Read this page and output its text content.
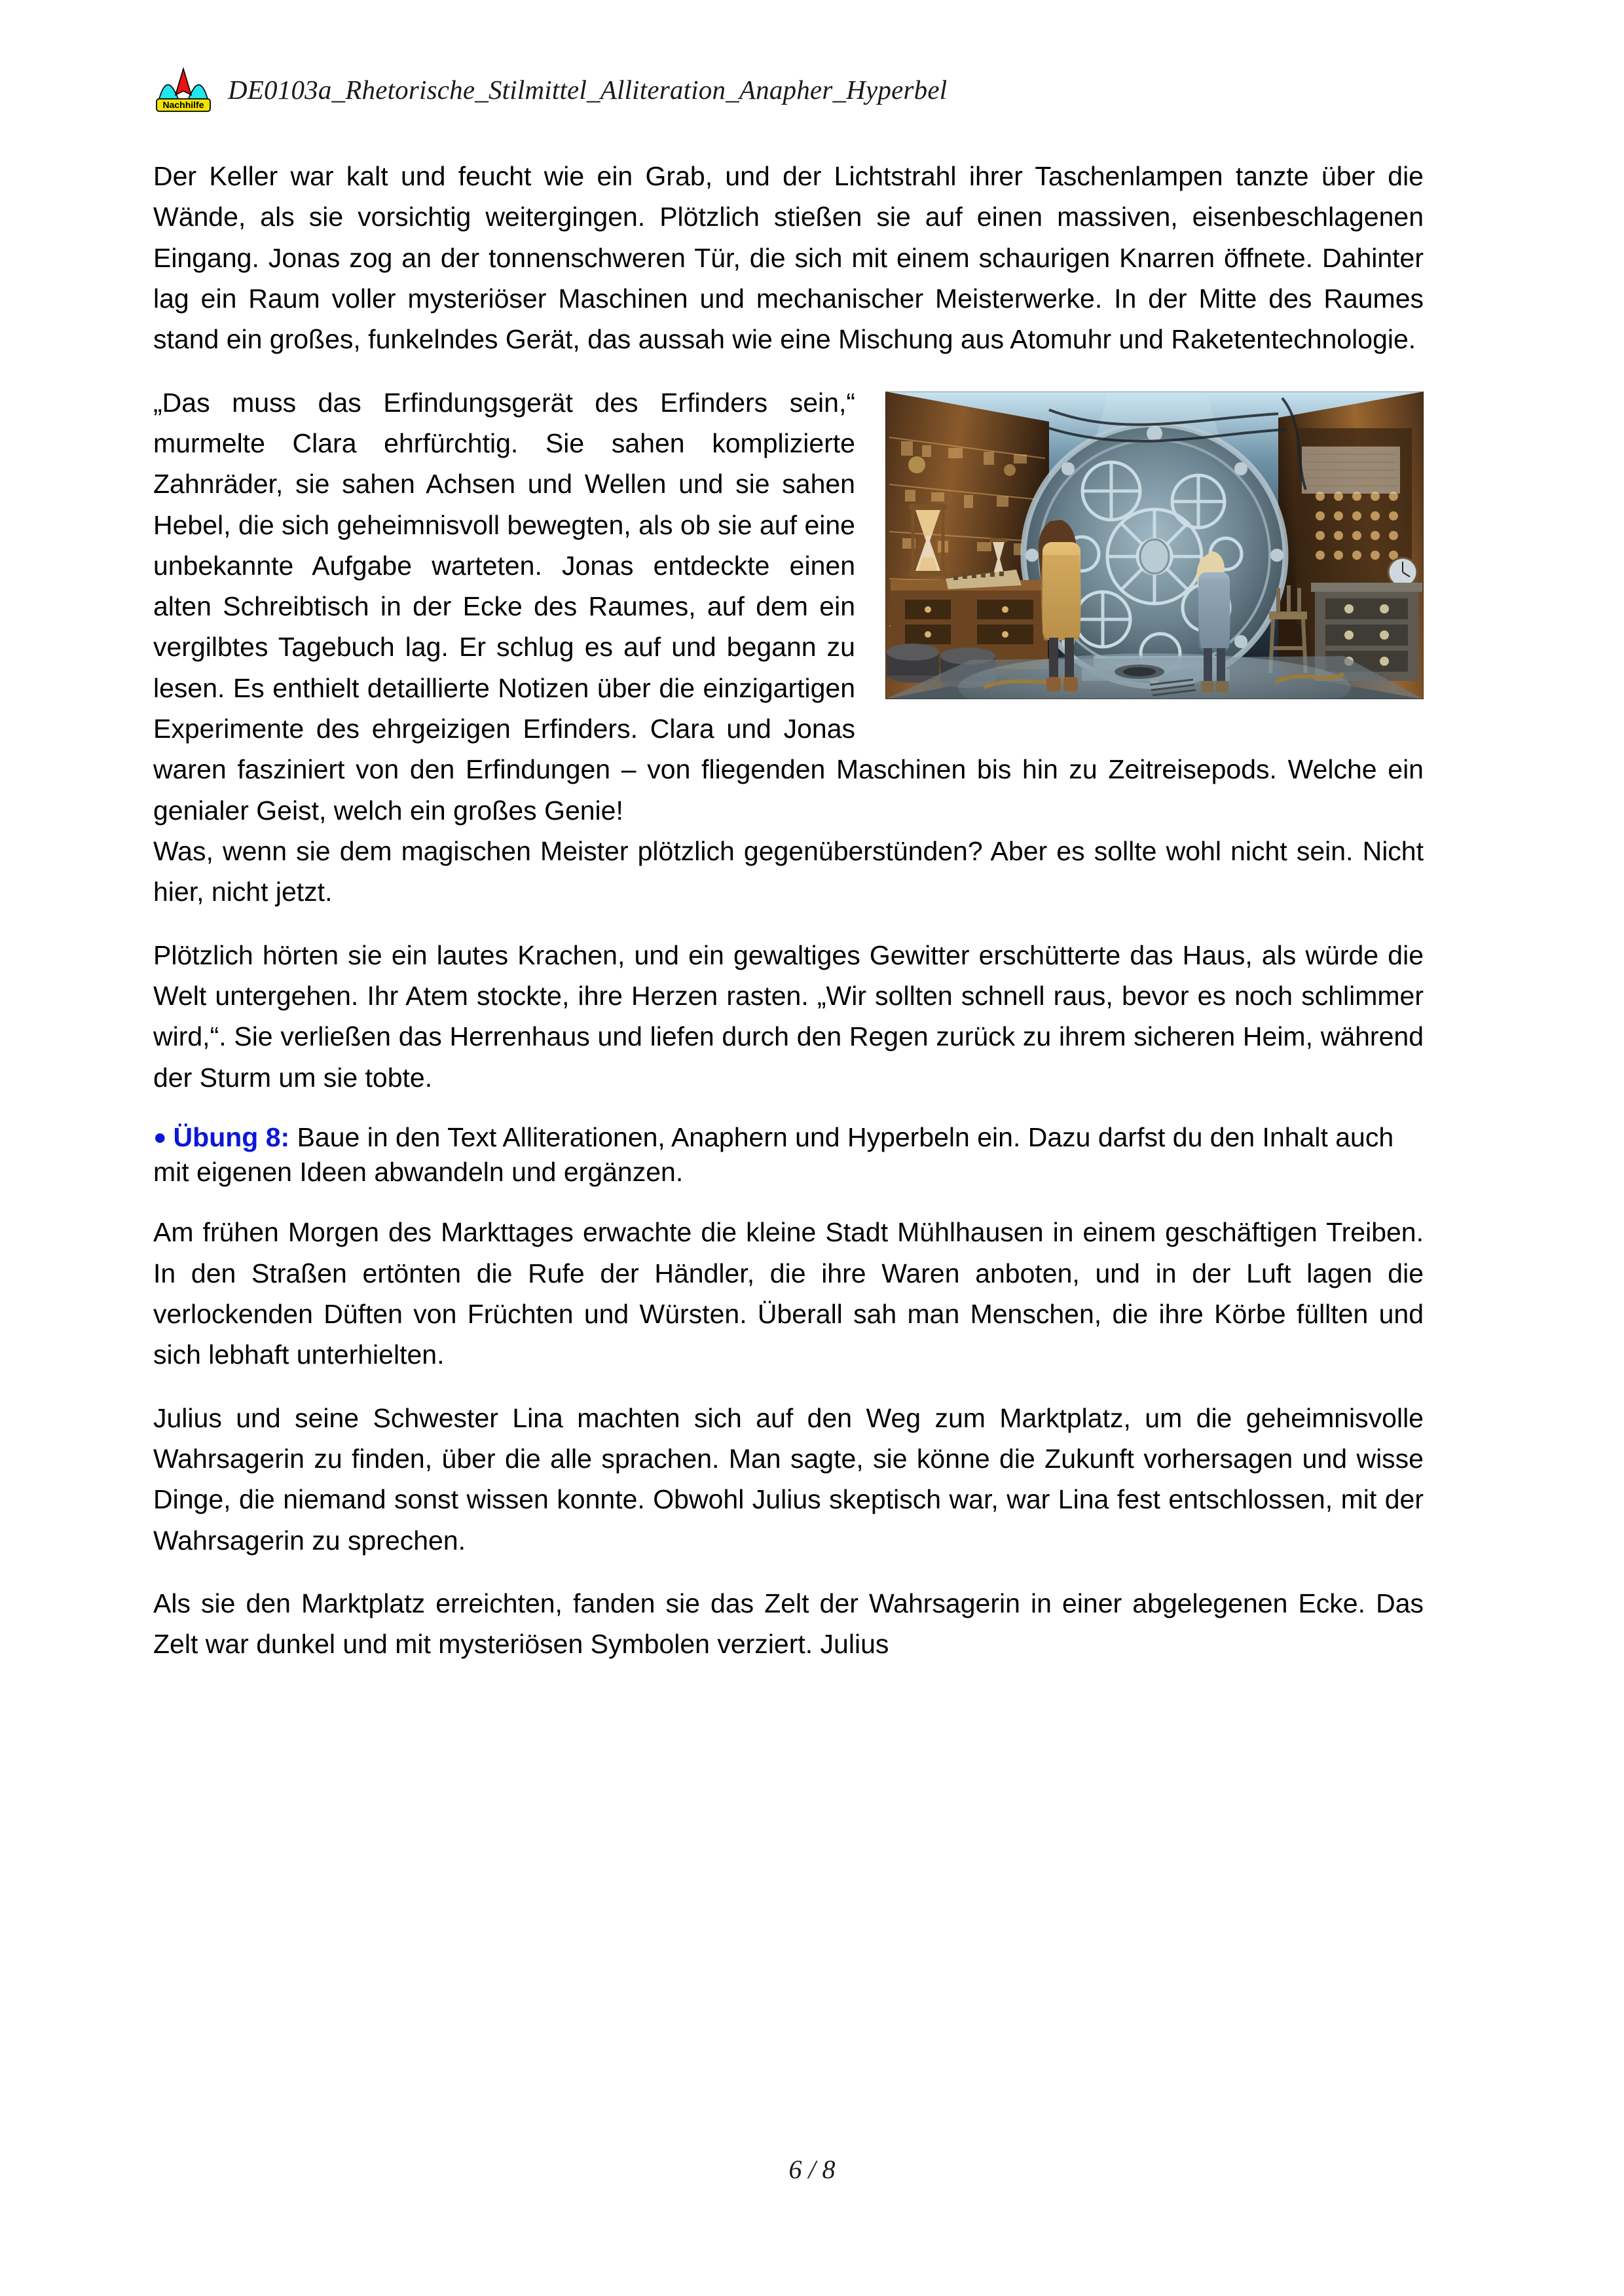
Nachhilfe DE0103a_Rhetorische_Stilmittel_Alliteration_Anapher_Hyperbel

Der Keller war kalt und feucht wie ein Grab, und der Lichtstrahl ihrer Taschenlampen tanzte über die Wände, als sie vorsichtig weitergingen. Plötzlich stießen sie auf einen massiven, eisenbeschlagenen Eingang. Jonas zog an der tonnenschweren Tür, die sich mit einem schaurigen Knarren öffnete. Dahinter lag ein Raum voller mysteriöser Maschinen und mechanischer Meisterwerke. In der Mitte des Raumes stand ein großes, funkelndes Gerät, das aussah wie eine Mischung aus Atomuhr und Raketentechnologie.

„Das muss das Erfindungsgerät des Erfinders sein,“ murmelte Clara ehrfürchtig. Sie sahen komplizierte Zahnräder, sie sahen Achsen und Wellen und sie sahen Hebel, die sich geheimnisvoll bewegten, als ob sie auf eine unbekannte Aufgabe warteten. Jonas entdeckte einen alten Schreibtisch in der Ecke des Raumes, auf dem ein vergilbtes Tagebuch lag. Er schlug es auf und begann zu lesen. Es enthielt detaillierte Notizen über die einzigartigen Experimente des ehrgeizigen Erfinders. Clara und Jonas waren fasziniert von den Erfindungen – von fliegenden Maschinen bis hin zu Zeitreisepods. Welche ein genialer Geist, welch ein großes Genie!

Was, wenn sie dem magischen Meister plötzlich gegenüberstünden? Aber es sollte wohl nicht sein. Nicht hier, nicht jetzt.

Plötzlich hörten sie ein lautes Krachen, und ein gewaltiges Gewitter erschütterte das Haus, als würde die Welt untergehen. Ihr Atem stockte, ihre Herzen rasten. „Wir sollten schnell raus, bevor es noch schlimmer wird,“. Sie verließen das Herrenhaus und liefen durch den Regen zurück zu ihrem sicheren Heim, während der Sturm um sie tobte.

● Übung 8: Baue in den Text Alliterationen, Anaphern und Hyperbeln ein. Dazu darfst du den Inhalt auch mit eigenen Ideen abwandeln und ergänzen.

Am frühen Morgen des Markttages erwachte die kleine Stadt Mühlhausen in einem geschäftigen Treiben. In den Straßen ertönten die Rufe der Händler, die ihre Waren anboten, und in der Luft lagen die verlockenden Düften von Früchten und Würsten. Überall sah man Menschen, die ihre Körbe füllten und sich lebhaft unterhielten.

Julius und seine Schwester Lina machten sich auf den Weg zum Marktplatz, um die geheimnisvolle Wahrsagerin zu finden, über die alle sprachen. Man sagte, sie könne die Zukunft vorhersagen und wisse Dinge, die niemand sonst wissen konnte. Obwohl Julius skeptisch war, war Lina fest entschlossen, mit der Wahrsagerin zu sprechen.

Als sie den Marktplatz erreichten, fanden sie das Zelt der Wahrsagerin in einer abgelegenen Ecke. Das Zelt war dunkel und mit mysteriösen Symbolen verziert. Julius

6 / 8
